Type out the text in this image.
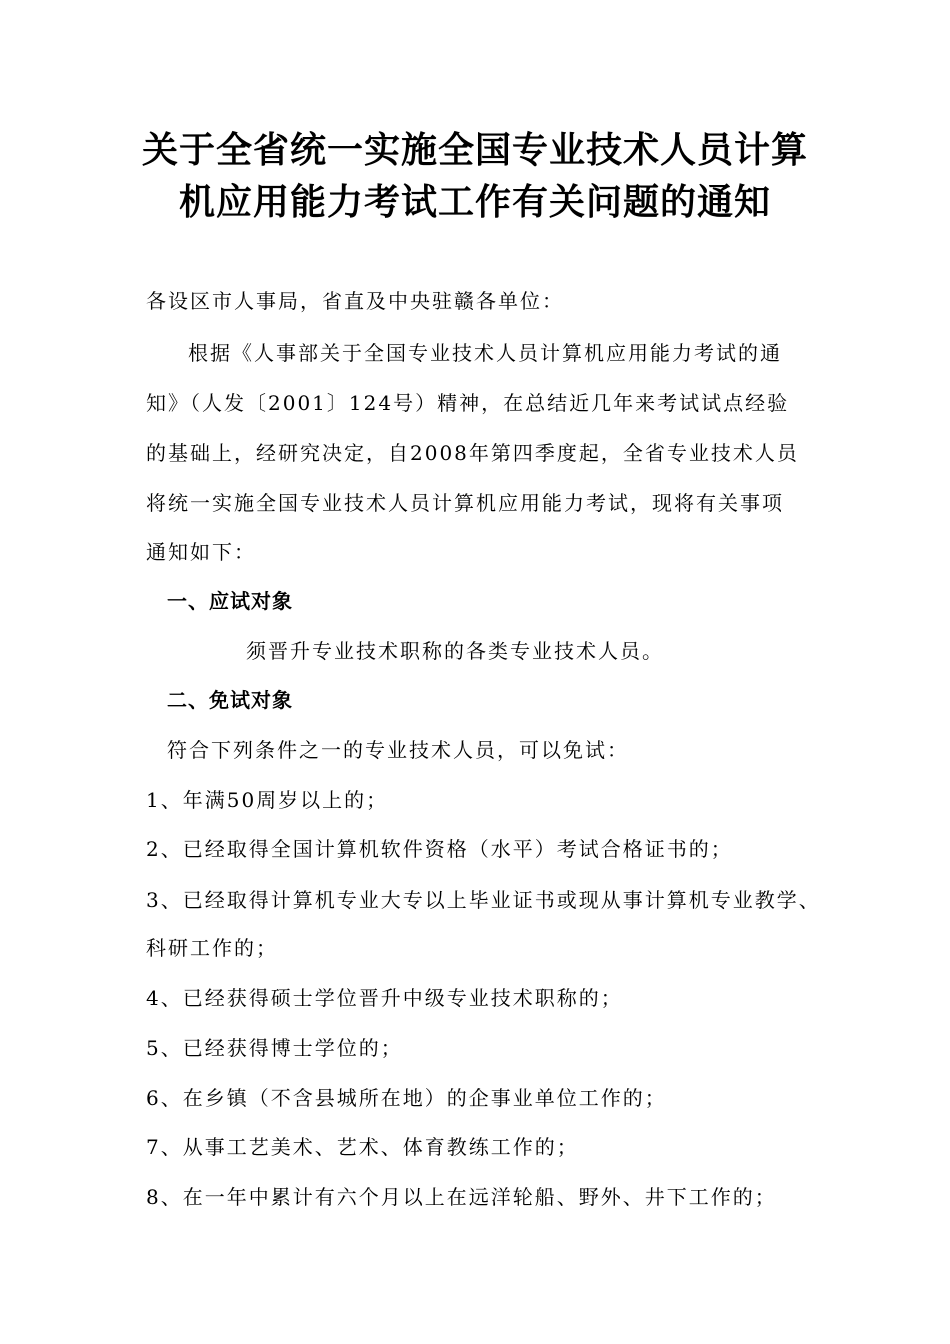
关于全省统一实施全国专业技术人员计算
机应用能力考试工作有关问题的通知
各设区市人事局，省直及中央驻赣各单位：
根据《人事部关于全国专业技术人员计算机应用能力考试的通
知》（人发〔2001〕124号）精神，在总结近几年来考试试点经验
的基础上，经研究决定，自2008年第四季度起，全省专业技术人员
将统一实施全国专业技术人员计算机应用能力考试，现将有关事项
通知如下：
一、应试对象
须晋升专业技术职称的各类专业技术人员。
二、免试对象
符合下列条件之一的专业技术人员，可以免试：
1、年满50周岁以上的；
2、已经取得全国计算机软件资格（水平）考试合格证书的；
3、已经取得计算机专业大专以上毕业证书或现从事计算机专业教学、
科研工作的；
4、已经获得硕士学位晋升中级专业技术职称的；
5、已经获得博士学位的；
6、在乡镇（不含县城所在地）的企事业单位工作的；
7、从事工艺美术、艺术、体育教练工作的；
8、在一年中累计有六个月以上在远洋轮船、野外、井下工作的；
